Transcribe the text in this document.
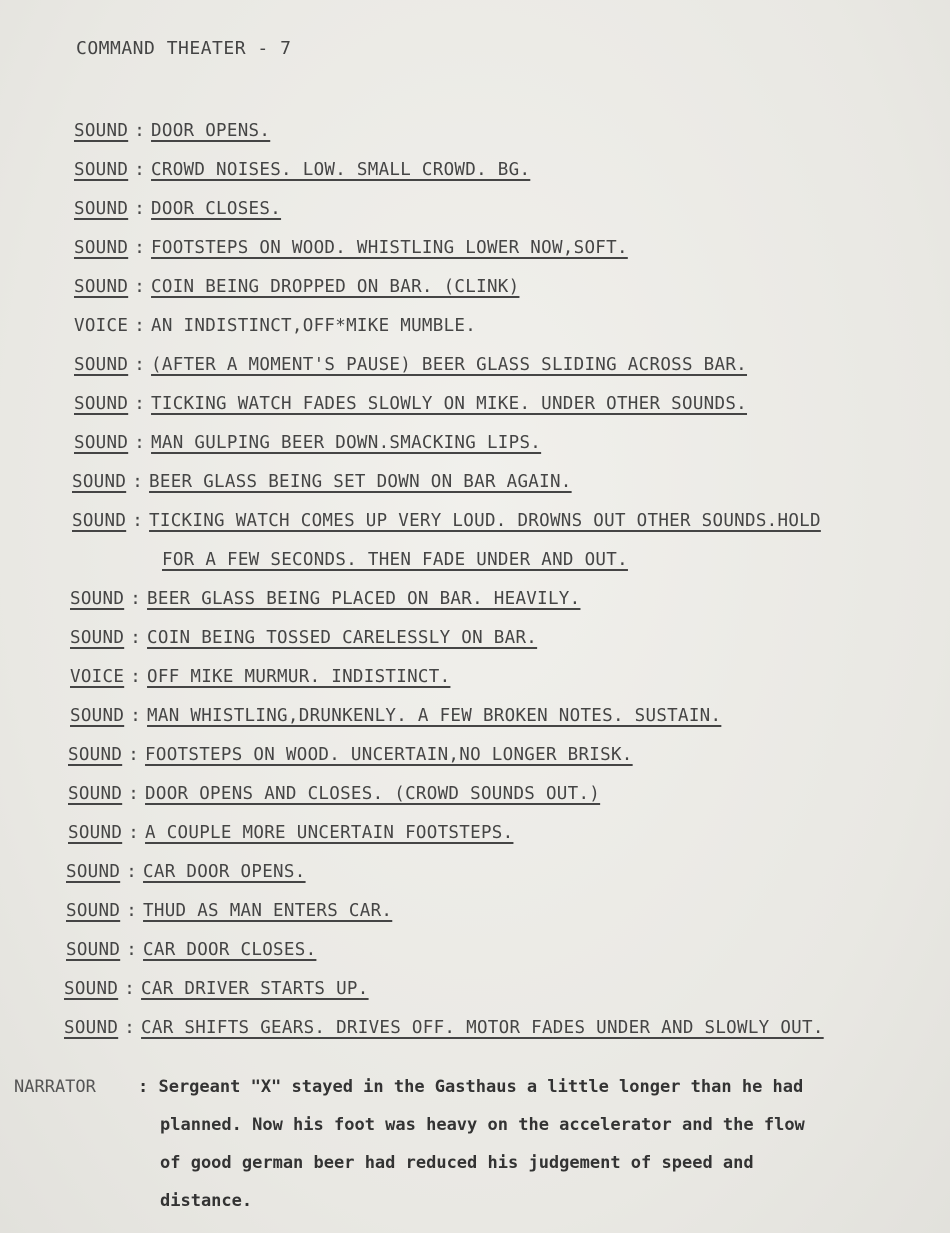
COMMAND THEATER - 7
SOUND : DOOR OPENS.
SOUND : CROWD NOISES. LOW. SMALL CROWD. BG.
SOUND : DOOR CLOSES.
SOUND : FOOTSTEPS ON WOOD. WHISTLING LOWER NOW,SOFT.
SOUND : COIN BEING DROPPED ON BAR. (CLINK)
VOICE : AN INDISTINCT,OFF*MIKE MUMBLE.
SOUND : (AFTER A MOMENT'S PAUSE) BEER GLASS SLIDING ACROSS BAR.
SOUND : TICKING WATCH FADES SLOWLY ON MIKE. UNDER OTHER SOUNDS.
SOUND : MAN GULPING BEER DOWN.SMACKING LIPS.
SOUND : BEER GLASS BEING SET DOWN ON BAR AGAIN.
SOUND : TICKING WATCH COMES UP VERY LOUD. DROWNS OUT OTHER SOUNDS.HOLD
FOR A FEW SECONDS. THEN FADE UNDER AND OUT.
SOUND : BEER GLASS BEING PLACED ON BAR. HEAVILY.
SOUND : COIN BEING TOSSED CARELESSLY ON BAR.
VOICE : OFF MIKE MURMUR. INDISTINCT.
SOUND : MAN WHISTLING,DRUNKENLY. A FEW BROKEN NOTES. SUSTAIN.
SOUND : FOOTSTEPS ON WOOD. UNCERTAIN,NO LONGER BRISK.
SOUND : DOOR OPENS AND CLOSES. (CROWD SOUNDS OUT.)
SOUND : A COUPLE MORE UNCERTAIN FOOTSTEPS.
SOUND : CAR DOOR OPENS.
SOUND : THUD AS MAN ENTERS CAR.
SOUND : CAR DOOR CLOSES.
SOUND : CAR DRIVER STARTS UP.
SOUND : CAR SHIFTS GEARS. DRIVES OFF. MOTOR FADES UNDER AND SLOWLY OUT.
NARRATOR : Sergeant "X" stayed in the Gasthaus a little longer than he had
planned. Now his foot was heavy on the accelerator and the flow
of good german beer had reduced his judgement of speed and
distance.
